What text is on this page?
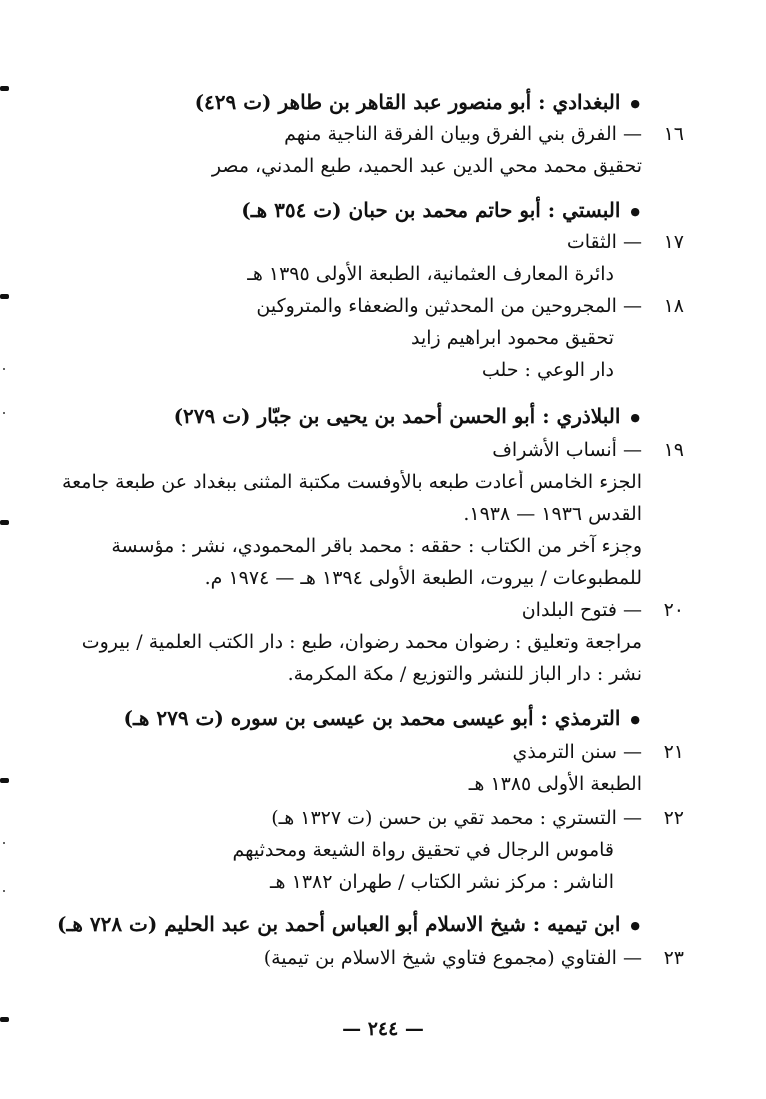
● البغدادي : أبو منصور عبد القاهر بن طاهر (ت ٤٢٩)
١٦
— الفرق بني الفرق وبيان الفرقة الناجية منهم
تحقيق محمد محي الدين عبد الحميد، طبع المدني، مصر
● البستي : أبو حاتم محمد بن حبان (ت ٣٥٤ هـ)
١٧
— الثقات
دائرة المعارف العثمانية، الطبعة الأولى ١٣٩٥ هـ
١٨
— المجروحين من المحدثين والضعفاء والمتروكين
تحقيق محمود ابراهيم زايد
دار الوعي : حلب
● البلاذري : أبو الحسن أحمد بن يحيى بن جبّار (ت ٢٧٩)
١٩
— أنساب الأشراف
الجزء الخامس أعادت طبعه بالأوفست مكتبة المثنى ببغداد عن طبعة جامعة
القدس ١٩٣٦ — ١٩٣٨.
وجزء آخر من الكتاب : حققه : محمد باقر المحمودي، نشر : مؤسسة
للمطبوعات / بيروت، الطبعة الأولى ١٣٩٤ هـ — ١٩٧٤ م.
٢٠
— فتوح البلدان
مراجعة وتعليق : رضوان محمد رضوان، طبع : دار الكتب العلمية / بيروت
نشر : دار الباز للنشر والتوزيع / مكة المكرمة.
● الترمذي : أبو عيسى محمد بن عيسى بن سوره (ت ٢٧٩ هـ)
٢١
— سنن الترمذي
الطبعة الأولى ١٣٨٥ هـ
٢٢
— التستري : محمد تقي بن حسن (ت ١٣٢٧ هـ)
قاموس الرجال في تحقيق رواة الشيعة ومحدثيهم
الناشر : مركز نشر الكتاب / طهران ١٣٨٢ هـ
● ابن تيميه : شيخ الاسلام أبو العباس أحمد بن عبد الحليم (ت ٧٢٨ هـ)
٢٣
— الفتاوي (مجموع فتاوي شيخ الاسلام بن تيمية)
— ٢٤٤ —
